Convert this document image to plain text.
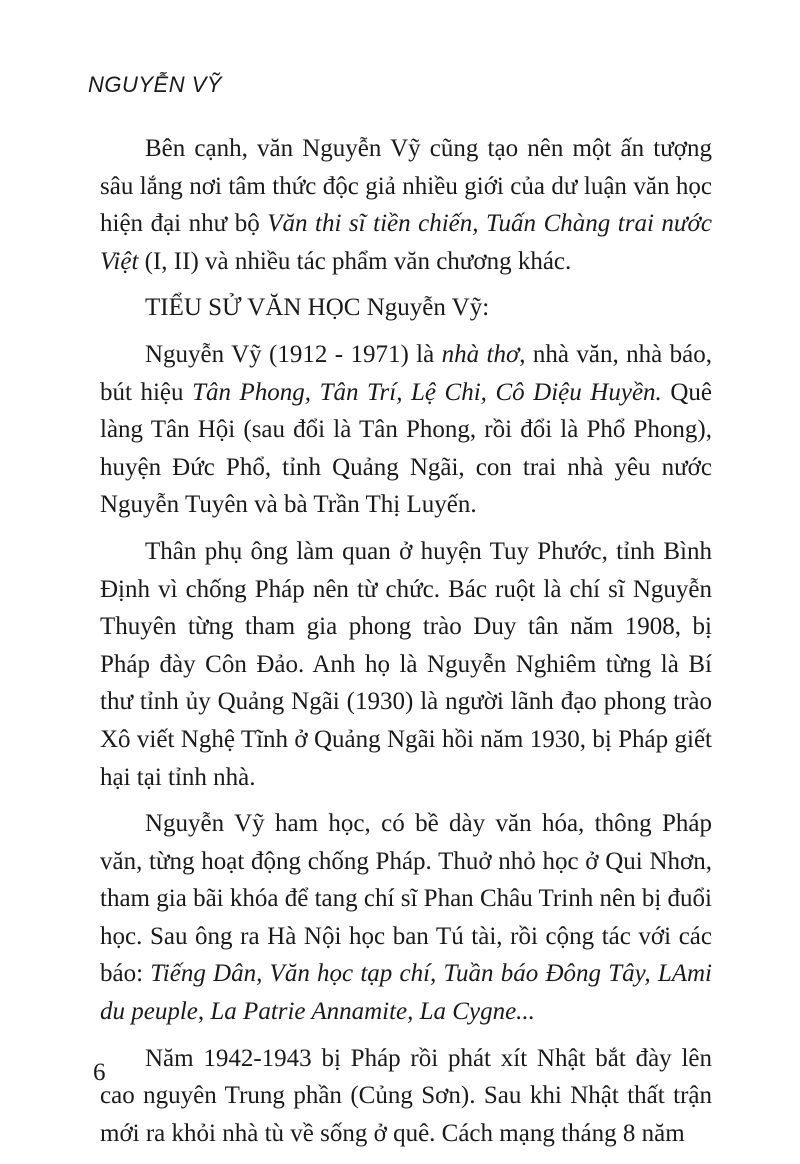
NGUYỄN VỸ

Bên cạnh, văn Nguyễn Vỹ cũng tạo nên một ấn tượng sâu lắng nơi tâm thức độc giả nhiều giới của dư luận văn học hiện đại như bộ Văn thi sĩ tiền chiến, Tuấn Chàng trai nước Việt (I, II) và nhiều tác phẩm văn chương khác.

TIỂU SỬ VĂN HỌC Nguyễn Vỹ:

Nguyễn Vỹ (1912 - 1971) là nhà thơ, nhà văn, nhà báo, bút hiệu Tân Phong, Tân Trí, Lệ Chi, Cô Diệu Huyền. Quê làng Tân Hội (sau đổi là Tân Phong, rồi đổi là Phổ Phong), huyện Đức Phổ, tỉnh Quảng Ngãi, con trai nhà yêu nước Nguyễn Tuyên và bà Trần Thị Luyến.

Thân phụ ông làm quan ở huyện Tuy Phước, tỉnh Bình Định vì chống Pháp nên từ chức. Bác ruột là chí sĩ Nguyễn Thuyên từng tham gia phong trào Duy tân năm 1908, bị Pháp đày Côn Đảo. Anh họ là Nguyễn Nghiêm từng là Bí thư tỉnh ủy Quảng Ngãi (1930) là người lãnh đạo phong trào Xô viết Nghệ Tĩnh ở Quảng Ngãi hồi năm 1930, bị Pháp giết hại tại tỉnh nhà.

Nguyễn Vỹ ham học, có bề dày văn hóa, thông Pháp văn, từng hoạt động chống Pháp. Thuở nhỏ học ở Qui Nhơn, tham gia bãi khóa để tang chí sĩ Phan Châu Trinh nên bị đuổi học. Sau ông ra Hà Nội học ban Tú tài, rồi cộng tác với các báo: Tiếng Dân, Văn học tạp chí, Tuần báo Đông Tây, LAmi du peuple, La Patrie Annamite, La Cygne...

Năm 1942-1943 bị Pháp rồi phát xít Nhật bắt đày lên cao nguyên Trung phần (Củng Sơn). Sau khi Nhật thất trận mới ra khỏi nhà tù về sống ở quê. Cách mạng tháng 8 năm

6
